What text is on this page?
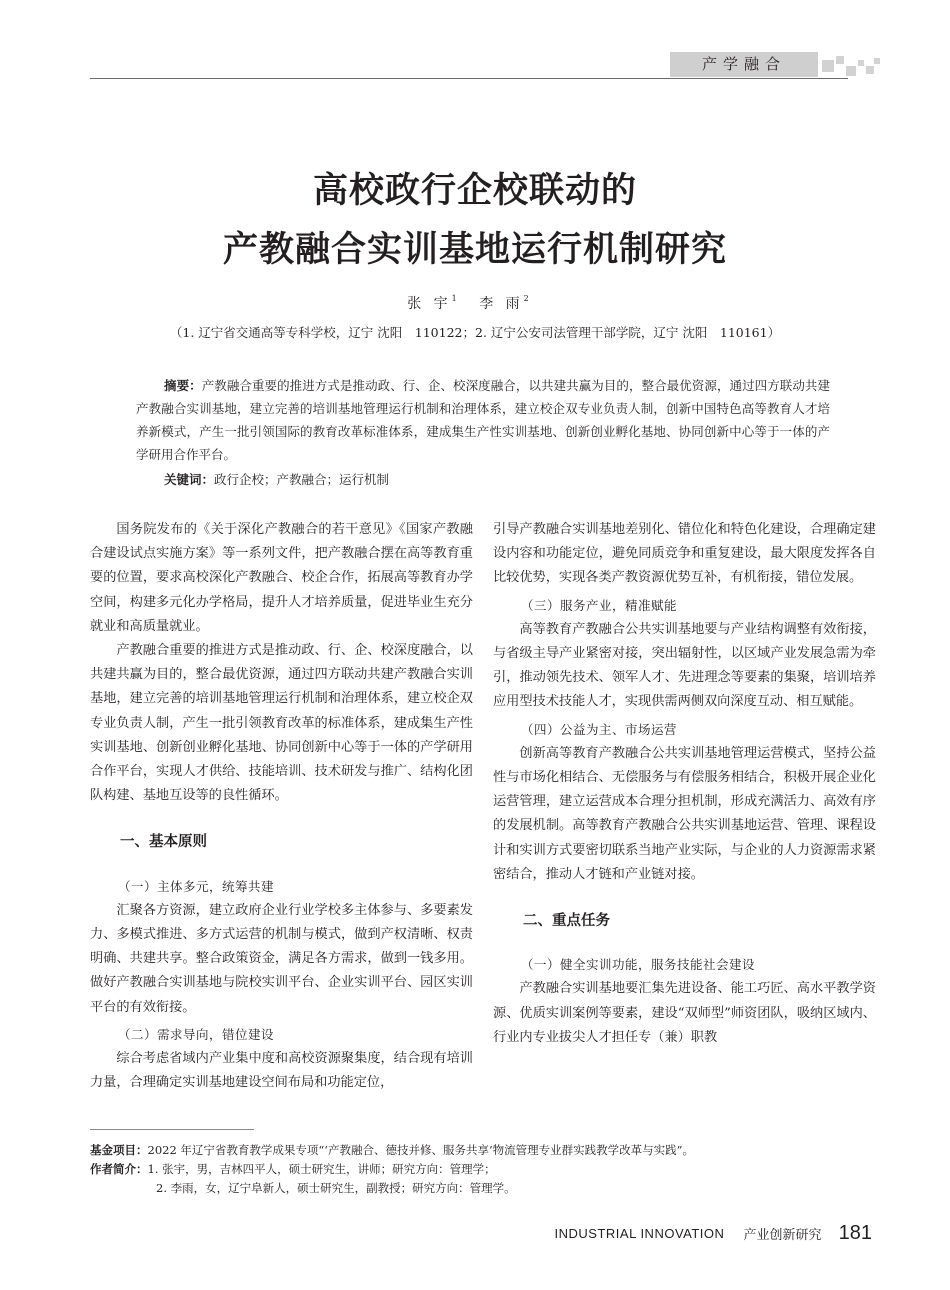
产学融合
高校政行企校联动的
产教融合实训基地运行机制研究
张 宇$^1$ 李 雨$^2$
（1. 辽宁省交通高等专科学校，辽宁 沈阳　110122；2. 辽宁公安司法管理干部学院，辽宁 沈阳　110161）
摘要：产教融合重要的推进方式是推动政、行、企、校深度融合，以共建共赢为目的，整合最优资源，通过四方联动共建产教融合实训基地，建立完善的培训基地管理运行机制和治理体系，建立校企双专业负责人制，创新中国特色高等教育人才培养新模式，产生一批引领国际的教育改革标准体系，建成集生产性实训基地、创新创业孵化基地、协同创新中心等于一体的产学研用合作平台。
关键词：政行企校；产教融合；运行机制

国务院发布的《关于深化产教融合的若干意见》《国家产教融合建设试点实施方案》等一系列文件，把产教融合摆在高等教育重要的位置，要求高校深化产教融合、校企合作，拓展高等教育办学空间，构建多元化办学格局，提升人才培养质量，促进毕业生充分就业和高质量就业。

产教融合重要的推进方式是推动政、行、企、校深度融合，以共建共赢为目的，整合最优资源，通过四方联动共建产教融合实训基地，建立完善的培训基地管理运行机制和治理体系，建立校企双专业负责人制，产生一批引领教育改革的标准体系，建成集生产性实训基地、创新创业孵化基地、协同创新中心等于一体的产学研用合作平台，实现人才供给、技能培训、技术研发与推广、结构化团队构建、基地互设等的良性循环。

一、基本原则

（一）主体多元，统筹共建

汇聚各方资源，建立政府企业行业学校多主体参与、多要素发力、多模式推进、多方式运营的机制与模式，做到产权清晰、权责明确、共建共享。整合政策资金，满足各方需求，做到一钱多用。做好产教融合实训基地与院校实训平台、企业实训平台、园区实训平台的有效衔接。

（二）需求导向，错位建设

综合考虑省域内产业集中度和高校资源聚集度，结合现有培训力量，合理确定实训基地建设空间布局和功能定位，

引导产教融合实训基地差别化、错位化和特色化建设，合理确定建设内容和功能定位，避免同质竞争和重复建设，最大限度发挥各自比较优势，实现各类产教资源优势互补，有机衔接，错位发展。

（三）服务产业，精准赋能

高等教育产教融合公共实训基地要与产业结构调整有效衔接，与省级主导产业紧密对接，突出辐射性，以区域产业发展急需为牵引，推动领先技术、领军人才、先进理念等要素的集聚，培训培养应用型技术技能人才，实现供需两侧双向深度互动、相互赋能。

（四）公益为主、市场运营

创新高等教育产教融合公共实训基地管理运营模式，坚持公益性与市场化相结合、无偿服务与有偿服务相结合，积极开展企业化运营管理，建立运营成本合理分担机制，形成充满活力、高效有序的发展机制。高等教育产教融合公共实训基地运营、管理、课程设计和实训方式要密切联系当地产业实际，与企业的人力资源需求紧密结合，推动人才链和产业链对接。

二、重点任务

（一）健全实训功能，服务技能社会建设

产教融合实训基地要汇集先进设备、能工巧匠、高水平教学资源、优质实训案例等要素，建设“双师型”师资团队，吸纳区域内、行业内专业拔尖人才担任专（兼）职教

基金项目：2022 年辽宁省教育教学成果专项“‘产教融合、德技并修、服务共享’物流管理专业群实践教学改革与实践”。
作者简介：1. 张宇，男，吉林四平人，硕士研究生，讲师；研究方向：管理学；
2. 李雨，女，辽宁阜新人，硕士研究生，副教授；研究方向：管理学。
INDUSTRIAL INNOVATION 产业创新研究 181
